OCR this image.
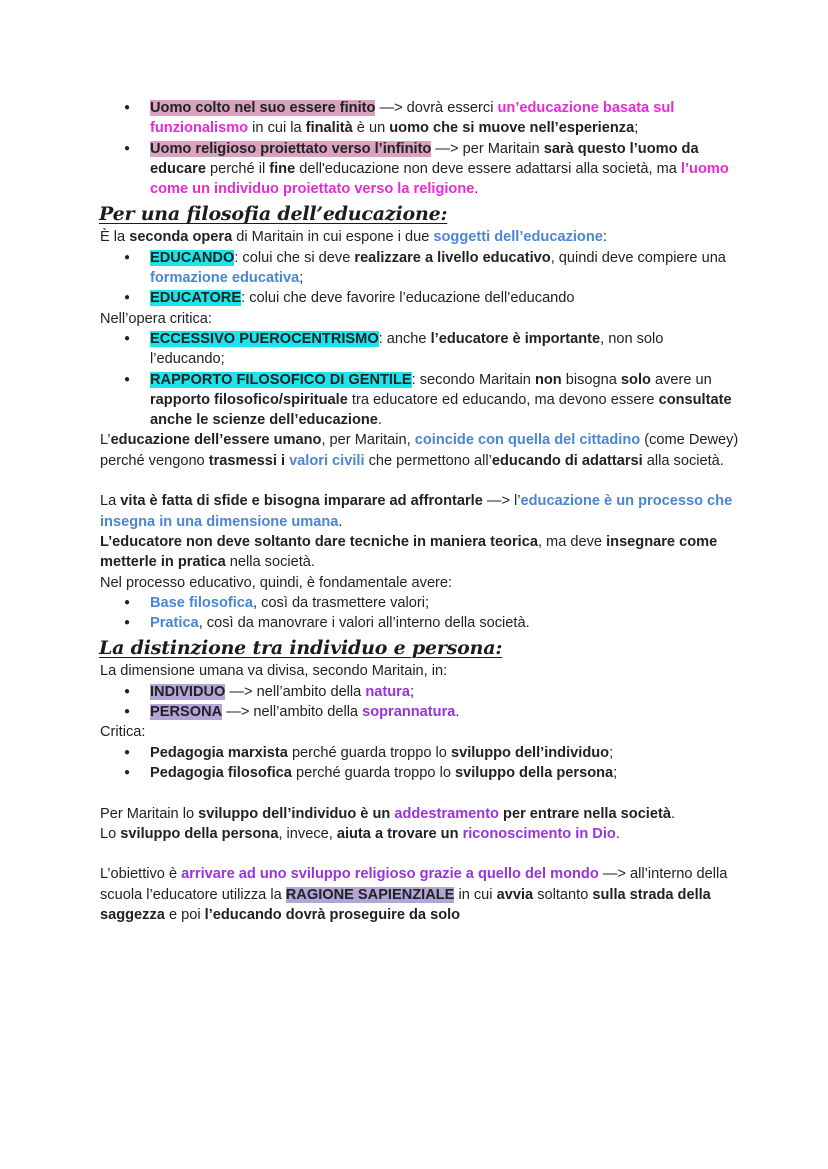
● Uomo colto nel suo essere finito —> dovrà esserci un’educazione basata sul funzionalismo in cui la finalità è un uomo che si muove nell’esperienza;
● Uomo religioso proiettato verso l’infinito —> per Maritain sarà questo l’uomo da educare perché il fine dell'educazione non deve essere adattarsi alla società, ma l’uomo come un individuo proiettato verso la religione.
Per una filosofia dell’educazione:

È la seconda opera di Maritain in cui espone i due soggetti dell’educazione:

● EDUCANDO: colui che si deve realizzare a livello educativo, quindi deve compiere una formazione educativa;
● EDUCATORE: colui che deve favorire l’educazione dell’educando

Nell’opera critica:

● ECCESSIVO PUEROCENTRISMO: anche l’educatore è importante, non solo l’educando;
● RAPPORTO FILOSOFICO DI GENTILE: secondo Maritain non bisogna solo avere un rapporto filosofico/spirituale tra educatore ed educando, ma devono essere consultate anche le scienze dell’educazione.

L’educazione dell’essere umano, per Maritain, coincide con quella del cittadino (come Dewey) perché vengono trasmessi i valori civili che permettono all’educando di adattarsi alla società.

La vita è fatta di sfide e bisogna imparare ad affrontarle —> l’educazione è un processo che insegna in una dimensione umana.

L’educatore non deve soltanto dare tecniche in maniera teorica, ma deve insegnare come metterle in pratica nella società.

Nel processo educativo, quindi, è fondamentale avere:

● Base filosofica, così da trasmettere valori;
● Pratica, così da manovrare i valori all’interno della società.
La distinzione tra individuo e persona:

La dimensione umana va divisa, secondo Maritain, in:

● INDIVIDUO —> nell’ambito della natura;
● PERSONA —> nell’ambito della soprannatura.

Critica:

● Pedagogia marxista perché guarda troppo lo sviluppo dell’individuo;
● Pedagogia filosofica perché guarda troppo lo sviluppo della persona;

Per Maritain lo sviluppo dell’individuo è un addestramento per entrare nella società.

Lo sviluppo della persona, invece, aiuta a trovare un riconoscimento in Dio.

L’obiettivo è arrivare ad uno sviluppo religioso grazie a quello del mondo —> all’interno della scuola l’educatore utilizza la RAGIONE SAPIENZIALE in cui avvia soltanto sulla strada della saggezza e poi l’educando dovrà proseguire da solo
